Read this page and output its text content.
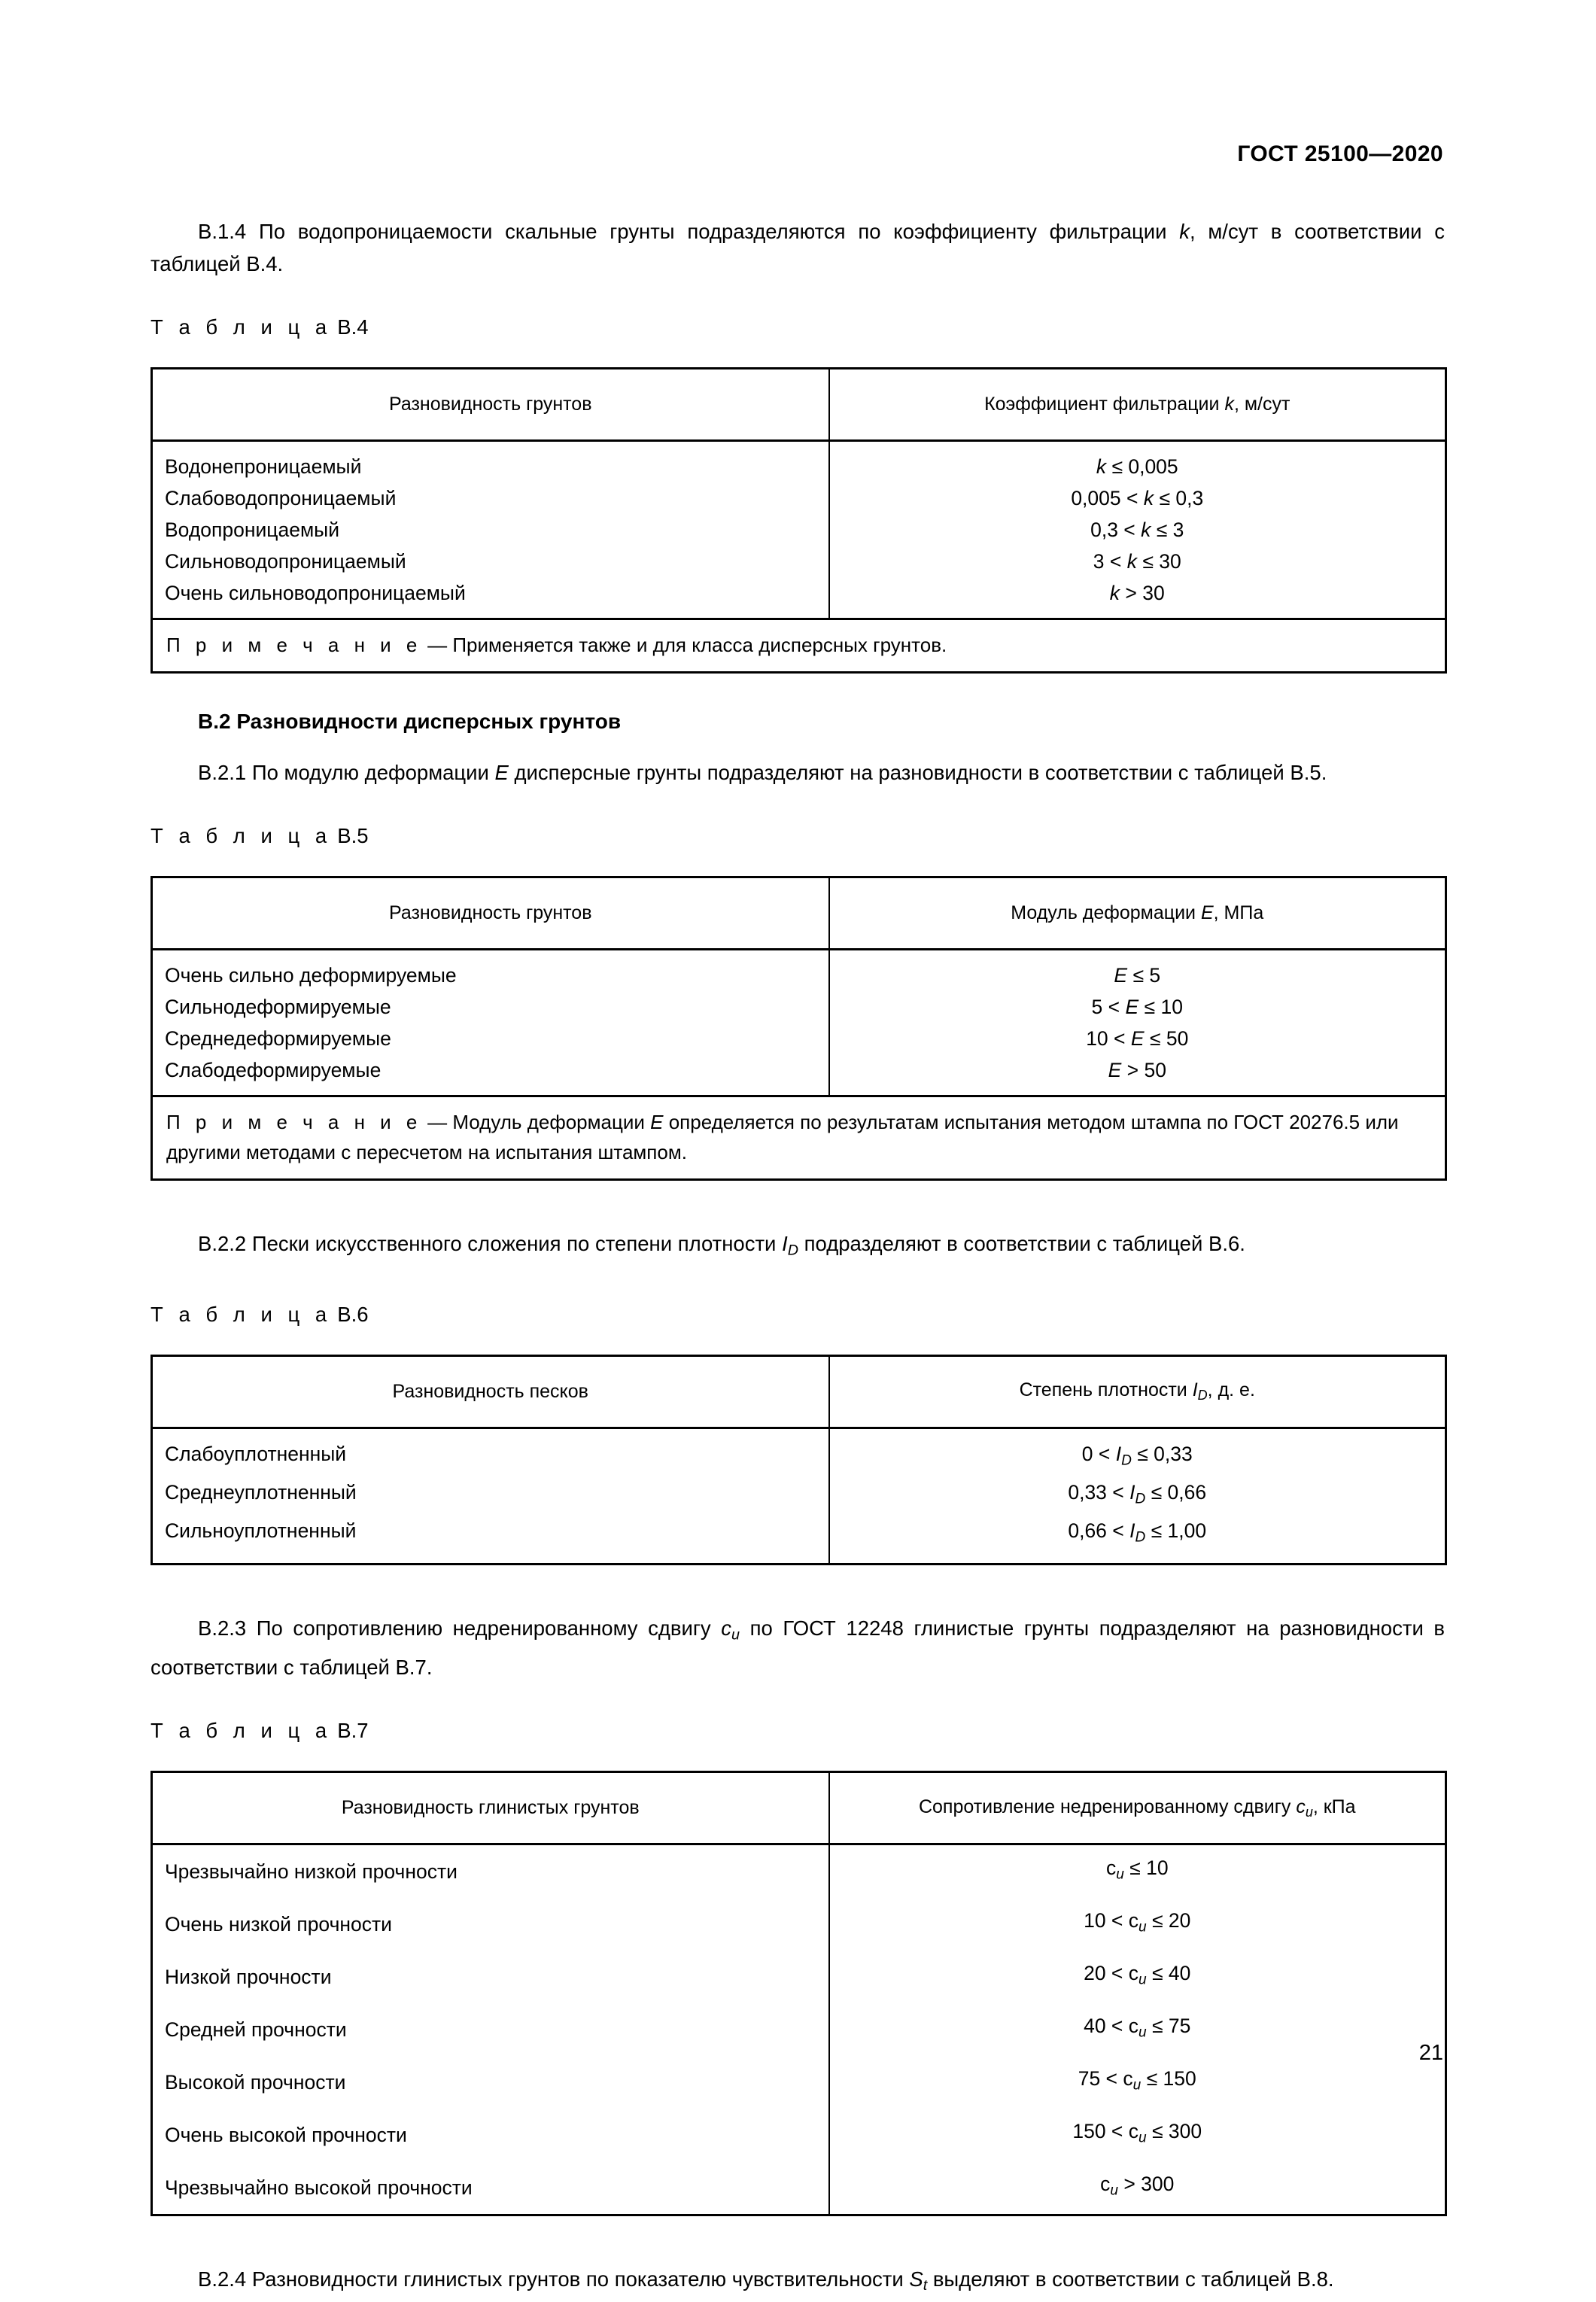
ГОСТ 25100—2020

B.1.4 По водопроницаемости скальные грунты подразделяются по коэффициенту фильтрации k, м/сут в соответствии с таблицей В.4.

Т а б л и ц а В.4

Разновидность грунтов	Коэффициент фильтрации k, м/сут
Водонепроницаемый	k ≤ 0,005
Слабоводопроницаемый	0,005 < k ≤ 0,3
Водопроницаемый	0,3 < k ≤ 3
Сильноводопроницаемый	3 < k ≤ 30
Очень сильноводопроницаемый	k > 30
П р и м е ч а н и е — Применяется также и для класса дисперсных грунтов.	
В.2 Разновидности дисперсных грунтов

В.2.1 По модулю деформации E дисперсные грунты подразделяют на разновидности в соответствии с таблицей В.5.

Т а б л и ц а В.5

Разновидность грунтов	Модуль деформации E, МПа
Очень сильно деформируемые	E ≤ 5
Сильнодеформируемые	5 < E ≤ 10
Среднедеформируемые	10 < E ≤ 50
Слабодеформируемые	E > 50
П р и м е ч а н и е — Модуль деформации E определяется по результатам испытания методом штампа по ГОСТ 20276.5 или другими методами с пересчетом на испытания штампом.	

В.2.2 Пески искусственного сложения по степени плотности $I_D$ подразделяют в соответствии с таблицей В.6.

Т а б л и ц а В.6

Разновидность песков	Степень плотности $I_D$, д. е.
Слабоуплотненный	$0 < I_D \le 0,33$
Среднеуплотненный	$0,33 < I_D \le 0,66$
Сильноуплотненный	$0,66 < I_D \le 1,00$

В.2.3 По сопротивлению недренированному сдвигу $c_u$ по ГОСТ 12248 глинистые грунты подразделяют на разновидности в соответствии с таблицей В.7.

Т а б л и ц а В.7

Разновидность глинистых грунтов	Сопротивление недренированному сдвигу $c_u$, кПа
Чрезвычайно низкой прочности	$c_u \le 10$
Очень низкой прочности	$10 < c_u \le 20$
Низкой прочности	$20 < c_u \le 40$
Средней прочности	$40 < c_u \le 75$
Высокой прочности	$75 < c_u \le 150$
Очень высокой прочности	$150 < c_u \le 300$
Чрезвычайно высокой прочности	$c_u > 300$

В.2.4 Разновидности глинистых грунтов по показателю чувствительности St выделяют в соответствии с таблицей В.8.

21
